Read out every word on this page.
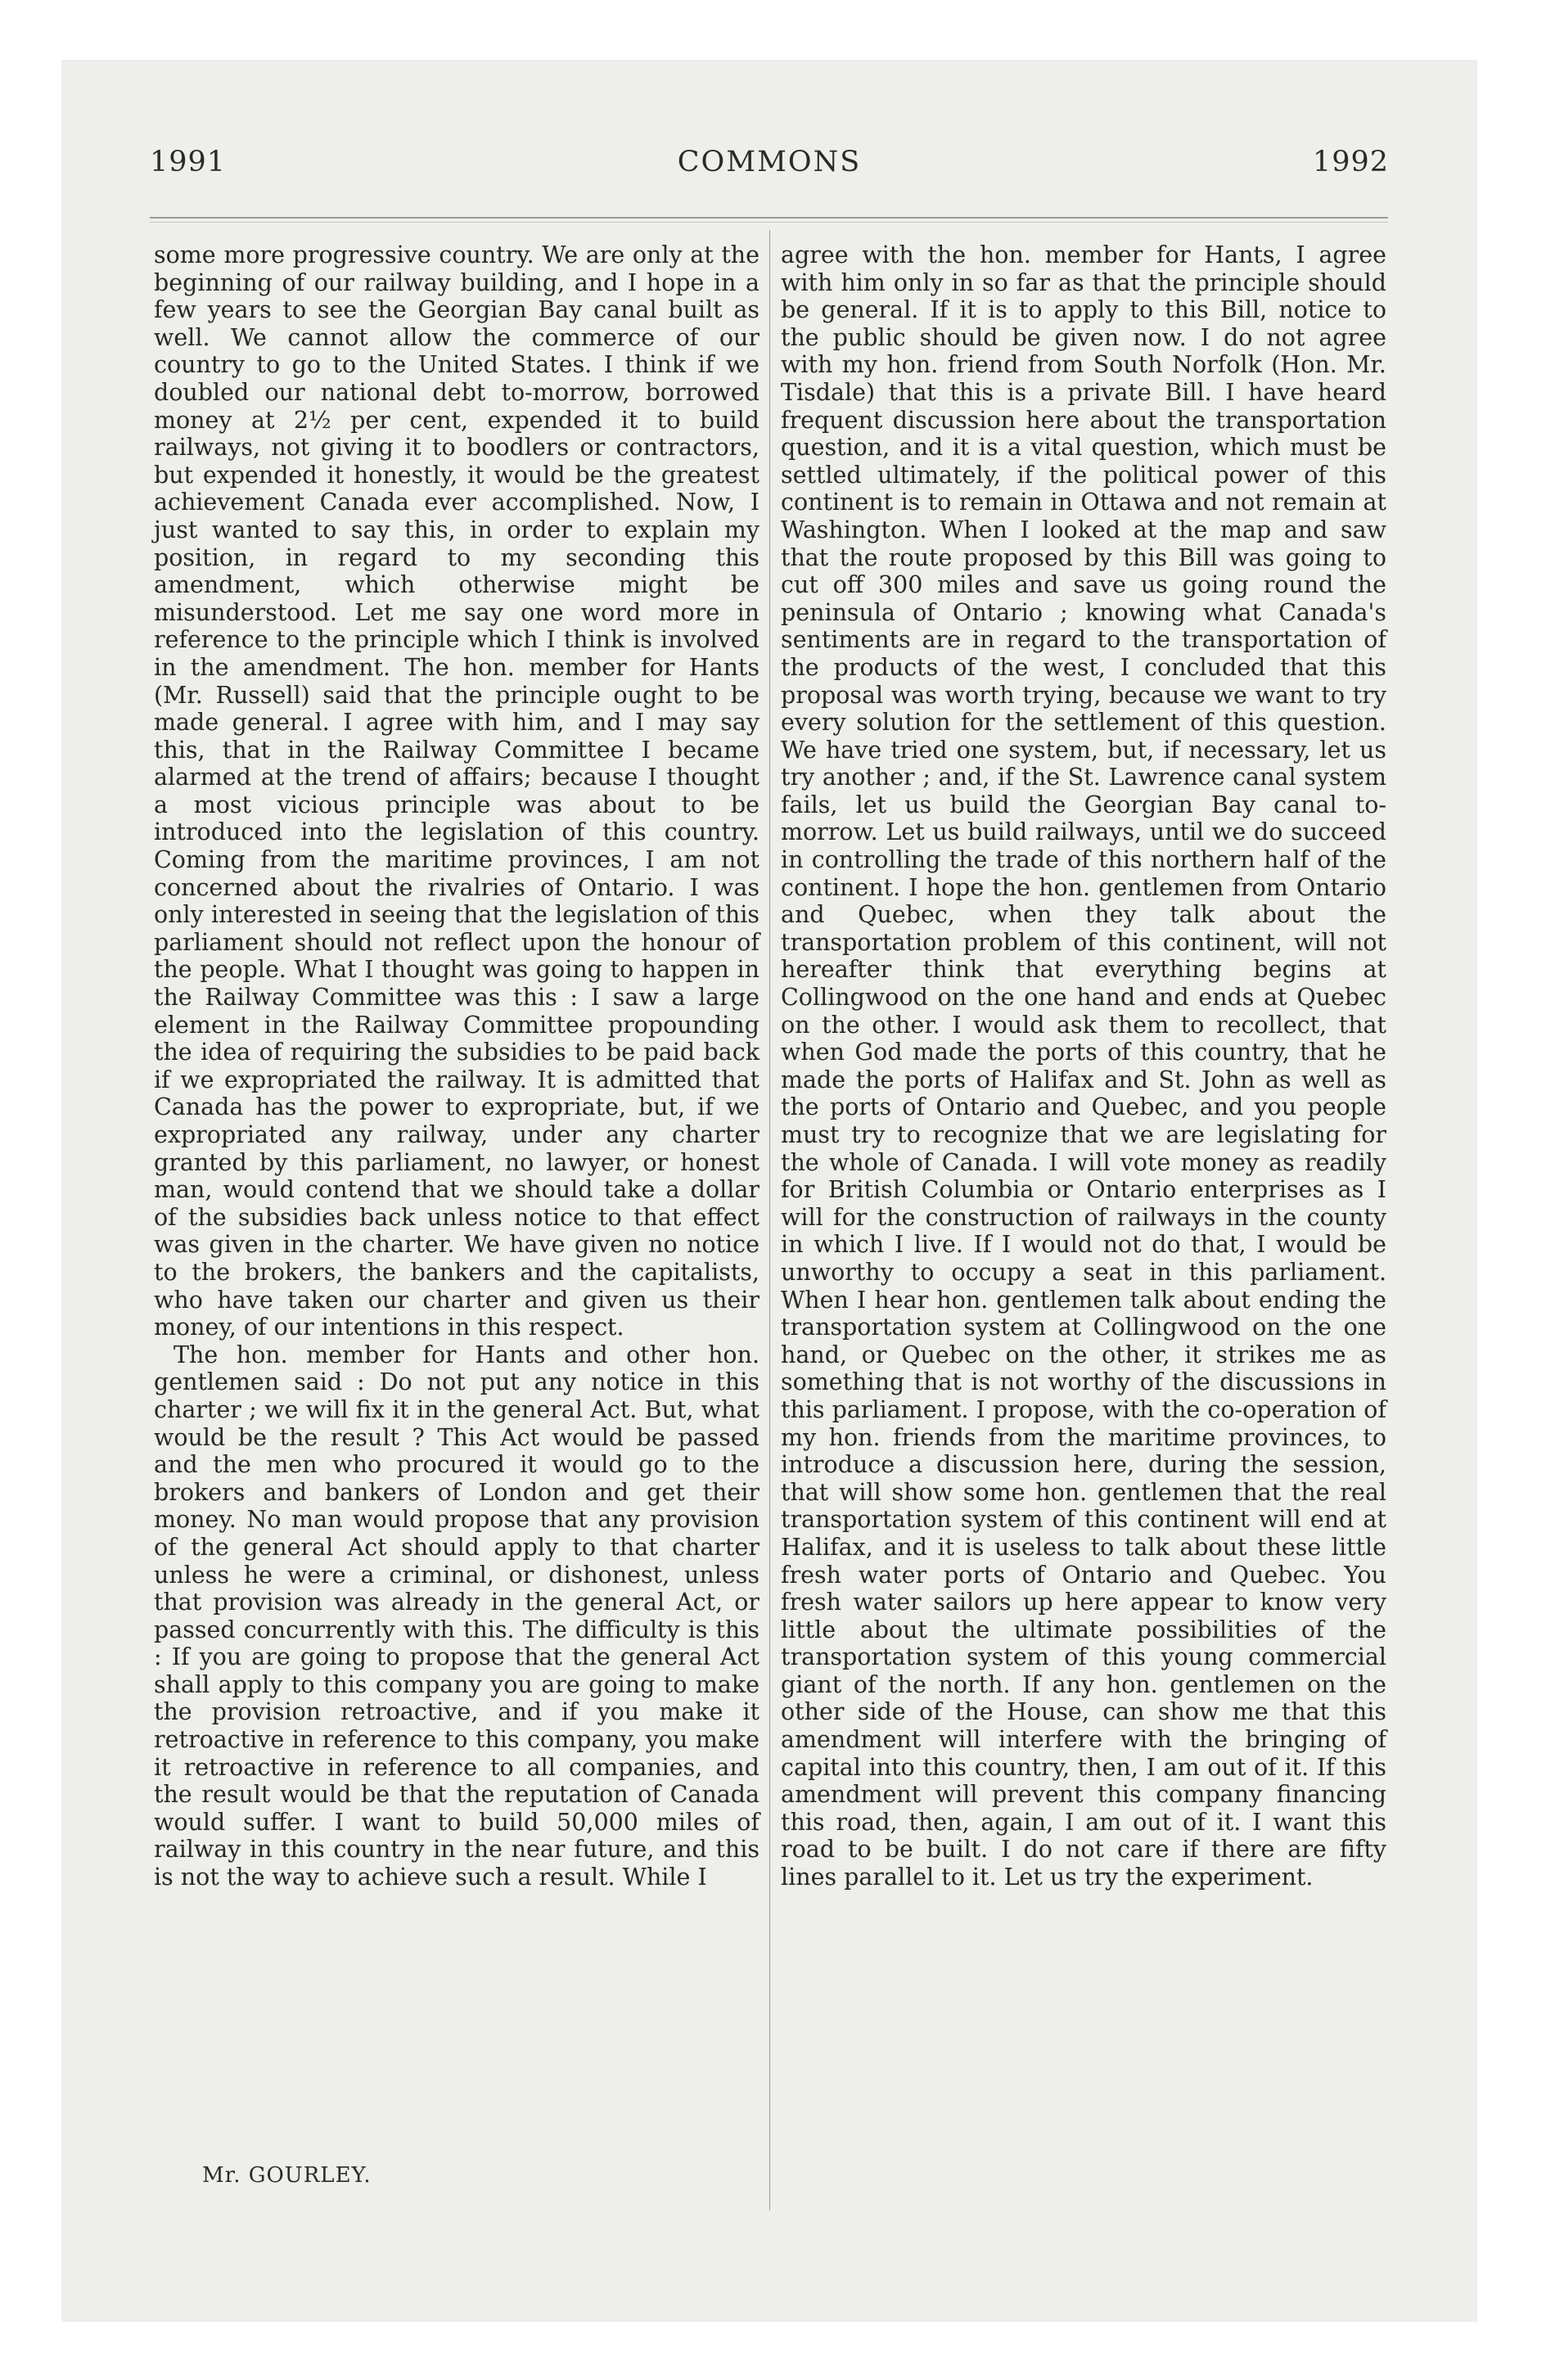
1991	COMMONS	1992

some more progressive country. We are only at the beginning of our railway building, and I hope in a few years to see the Georgian Bay canal built as well. We cannot allow the commerce of our country to go to the United States. I think if we doubled our national debt to-morrow, borrowed money at 2½ per cent, expended it to build railways, not giving it to boodlers or contractors, but expended it honestly, it would be the greatest achievement Canada ever accomplished. Now, I just wanted to say this, in order to explain my position, in regard to my seconding this amendment, which otherwise might be misunderstood. Let me say one word more in reference to the principle which I think is involved in the amendment. The hon. member for Hants (Mr. Russell) said that the principle ought to be made general. I agree with him, and I may say this, that in the Railway Committee I became alarmed at the trend of affairs; because I thought a most vicious principle was about to be introduced into the legislation of this country. Coming from the maritime provinces, I am not concerned about the rivalries of Ontario. I was only interested in seeing that the legislation of this parliament should not reflect upon the honour of the people. What I thought was going to happen in the Railway Committee was this : I saw a large element in the Railway Committee propounding the idea of requiring the subsidies to be paid back if we expropriated the railway. It is admitted that Canada has the power to expropriate, but, if we expropriated any railway, under any charter granted by this parliament, no lawyer, or honest man, would contend that we should take a dollar of the subsidies back unless notice to that effect was given in the charter. We have given no notice to the brokers, the bankers and the capitalists, who have taken our charter and given us their money, of our intentions in this respect.

The hon. member for Hants and other hon. gentlemen said : Do not put any notice in this charter ; we will fix it in the general Act. But, what would be the result ? This Act would be passed and the men who procured it would go to the brokers and bankers of London and get their money. No man would propose that any provision of the general Act should apply to that charter unless he were a criminal, or dishonest, unless that provision was already in the general Act, or passed concurrently with this. The difficulty is this : If you are going to propose that the general Act shall apply to this company you are going to make the provision retroactive, and if you make it retroactive in reference to this company, you make it retroactive in reference to all companies, and the result would be that the reputation of Canada would suffer. I want to build 50,000 miles of railway in this country in the near future, and this is not the way to achieve such a result. While I

Mr. GOURLEY.

agree with the hon. member for Hants, I agree with him only in so far as that the principle should be general. If it is to apply to this Bill, notice to the public should be given now. I do not agree with my hon. friend from South Norfolk (Hon. Mr. Tisdale) that this is a private Bill. I have heard frequent discussion here about the transportation question, and it is a vital question, which must be settled ultimately, if the political power of this continent is to remain in Ottawa and not remain at Washington. When I looked at the map and saw that the route proposed by this Bill was going to cut off 300 miles and save us going round the peninsula of Ontario ; knowing what Canada's sentiments are in regard to the transportation of the products of the west, I concluded that this proposal was worth trying, because we want to try every solution for the settlement of this question. We have tried one system, but, if necessary, let us try another ; and, if the St. Lawrence canal system fails, let us build the Georgian Bay canal to-morrow. Let us build railways, until we do succeed in controlling the trade of this northern half of the continent. I hope the hon. gentlemen from Ontario and Quebec, when they talk about the transportation problem of this continent, will not hereafter think that everything begins at Collingwood on the one hand and ends at Quebec on the other. I would ask them to recollect, that when God made the ports of this country, that he made the ports of Halifax and St. John as well as the ports of Ontario and Quebec, and you people must try to recognize that we are legislating for the whole of Canada. I will vote money as readily for British Columbia or Ontario enterprises as I will for the construction of railways in the county in which I live. If I would not do that, I would be unworthy to occupy a seat in this parliament. When I hear hon. gentlemen talk about ending the transportation system at Collingwood on the one hand, or Quebec on the other, it strikes me as something that is not worthy of the discussions in this parliament. I propose, with the co-operation of my hon. friends from the maritime provinces, to introduce a discussion here, during the session, that will show some hon. gentlemen that the real transportation system of this continent will end at Halifax, and it is useless to talk about these little fresh water ports of Ontario and Quebec. You fresh water sailors up here appear to know very little about the ultimate possibilities of the transportation system of this young commercial giant of the north. If any hon. gentlemen on the other side of the House, can show me that this amendment will interfere with the bringing of capital into this country, then, I am out of it. If this amendment will prevent this company financing this road, then, again, I am out of it. I want this road to be built. I do not care if there are fifty lines parallel to it. Let us try the experiment.
